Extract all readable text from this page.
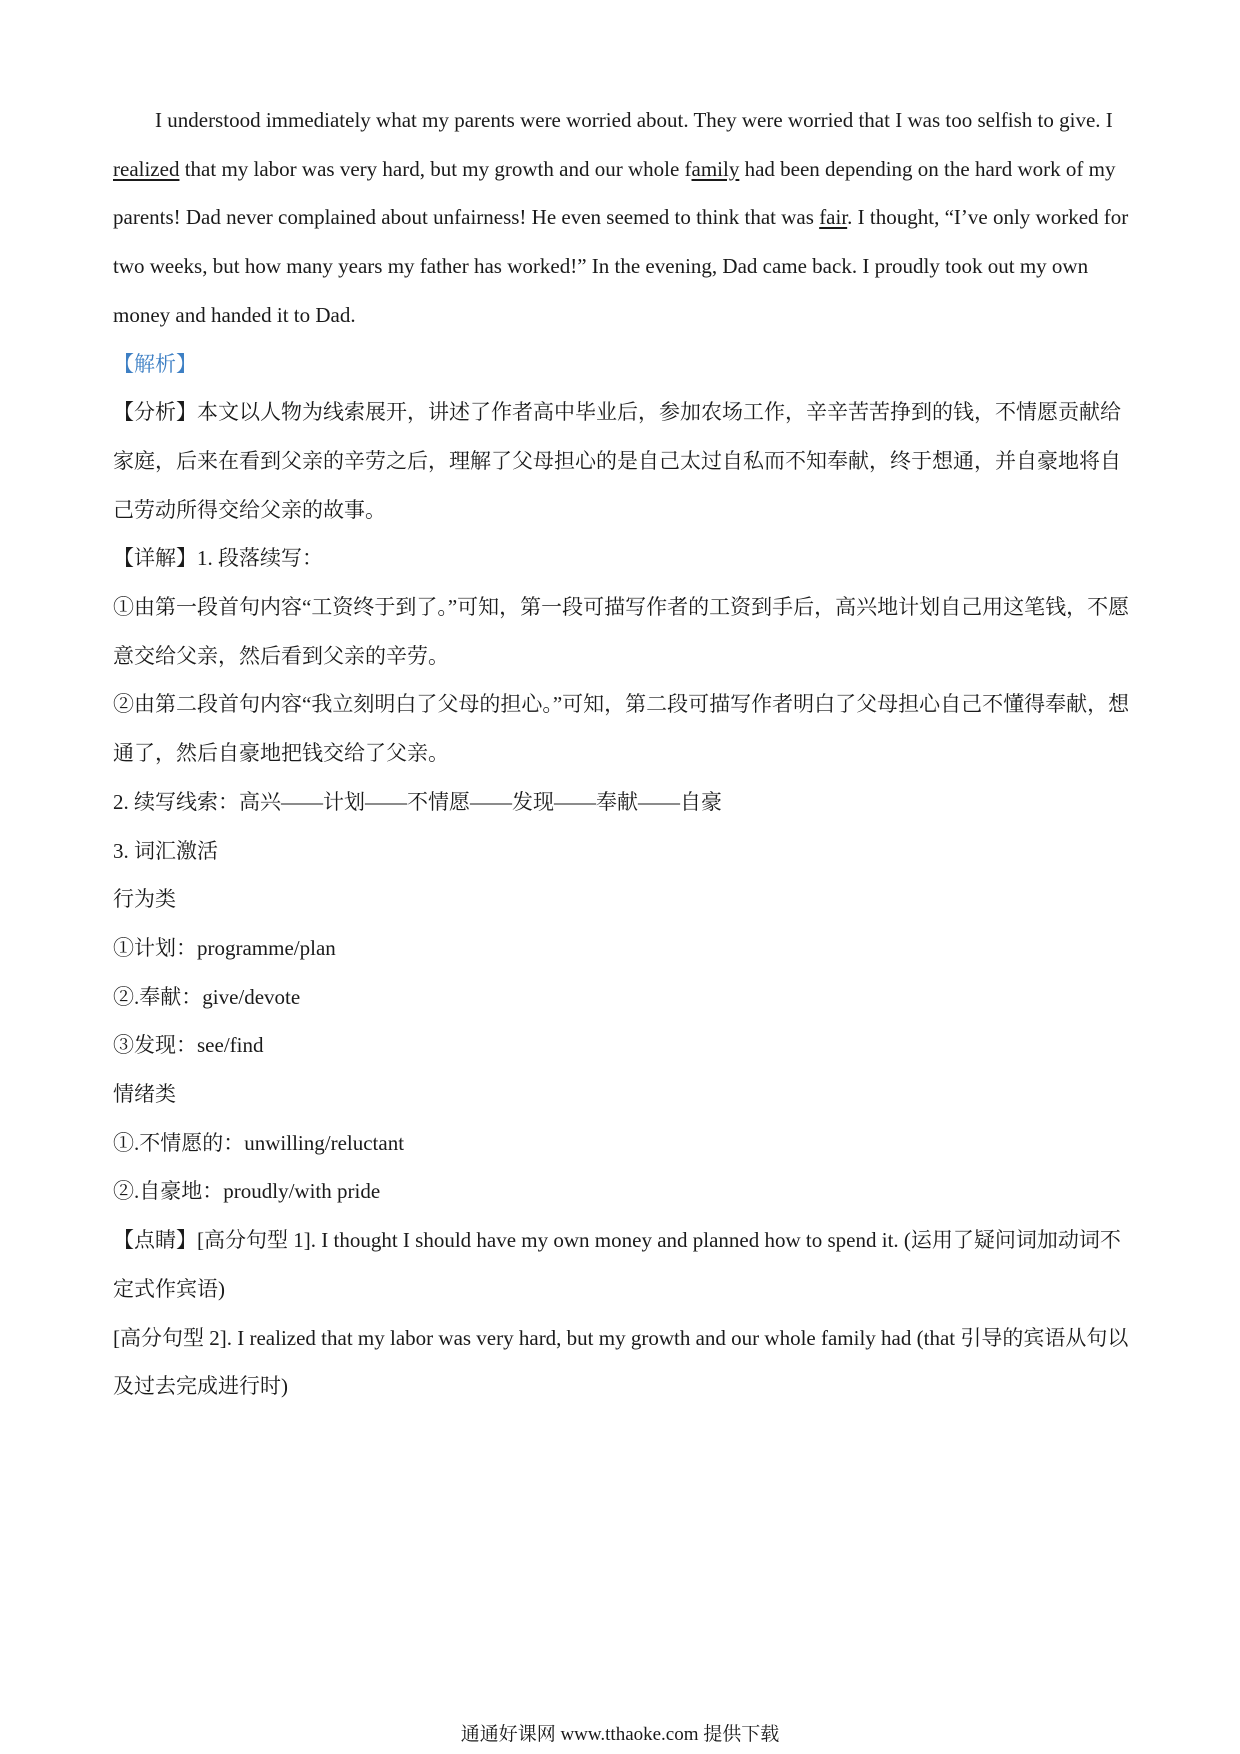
I understood immediately what my parents were worried about. They were worried that I was too selfish to give. I realized that my labor was very hard, but my growth and our whole family had been depending on the hard work of my parents! Dad never complained about unfairness! He even seemed to think that was fair. I thought, “I’ve only worked for two weeks, but how many years my father has worked!” In the evening, Dad came back. I proudly took out my own money and handed it to Dad.
【解析】
【分析】本文以人物为线索展开，讲述了作者高中毕业后，参加农场工作，辛辛苦苦挣到的钱，不情愿贡献给家庭，后来在看到父亲的辛劳之后，理解了父母担心的是自己太过自私而不知奉献，终于想通，并自豪地将自己劳动所得交给父亲的故事。
【详解】1. 段落续写：
①由第一段首句内容“工资终于到了。”可知，第一段可描写作者的工资到手后，高兴地计划自己用这笔钱，不愿意交给父亲，然后看到父亲的辛劳。
②由第二段首句内容“我立刻明白了父母的担心。”可知，第二段可描写作者明白了父母担心自己不懂得奉献，想通了，然后自豪地把钱交给了父亲。
2. 续写线索：高兴——计划——不情愿——发现——奉献——自豪
3. 词汇激活
行为类
①计划：programme/plan
②.奉献：give/devote
③发现：see/find
情绪类
①.不情愿的：unwilling/reluctant
②.自豪地：proudly/with pride
【点睛】[高分句型 1]. I thought I should have my own money and planned how to spend it. (运用了疑问词加动词不定式作宾语)
[高分句型 2]. I realized that my labor was very hard, but my growth and our whole family had (that 引导的宾语从句以及过去完成进行时)
通通好课网 www.tthaoke.com 提供下载
